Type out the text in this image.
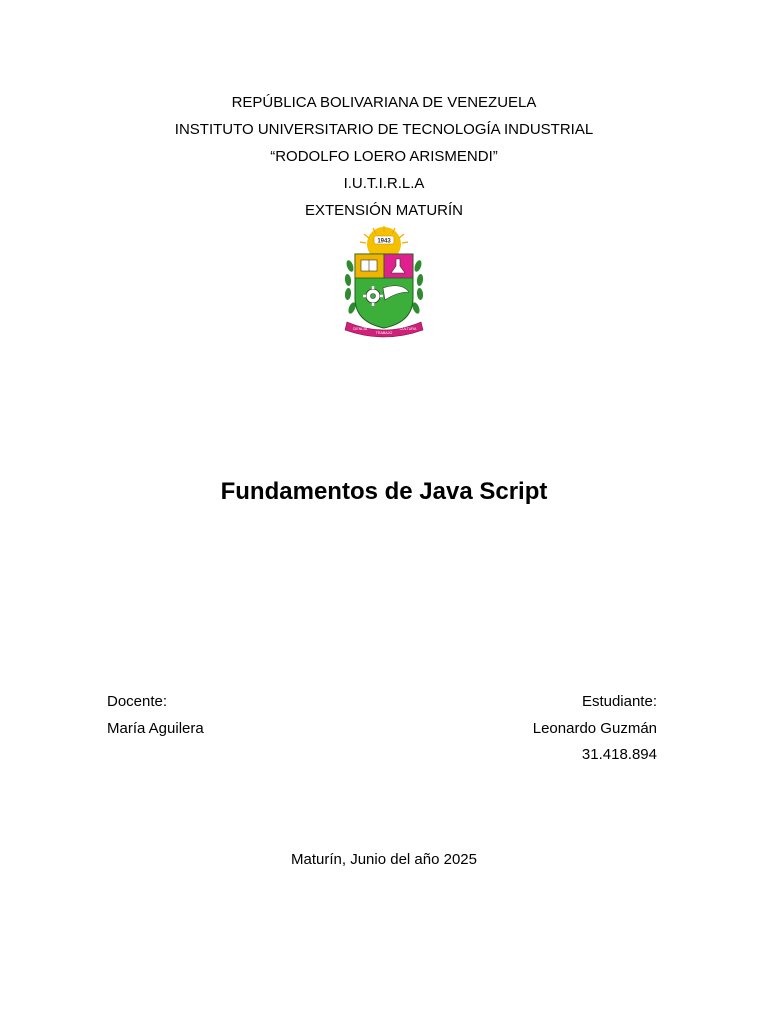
REPÚBLICA BOLIVARIANA DE VENEZUELA
INSTITUTO UNIVERSITARIO DE TECNOLOGÍA INDUSTRIAL
“RODOLFO LOERO ARISMENDI”
I.U.T.I.R.L.A
EXTENSIÓN MATURÍN
1943
CIENCIA
TRABAJO
CULTURA
Fundamentos de Java Script
Docente:
María Aguilera
Estudiante:
Leonardo Guzmán
31.418.894
Maturín, Junio del año 2025
